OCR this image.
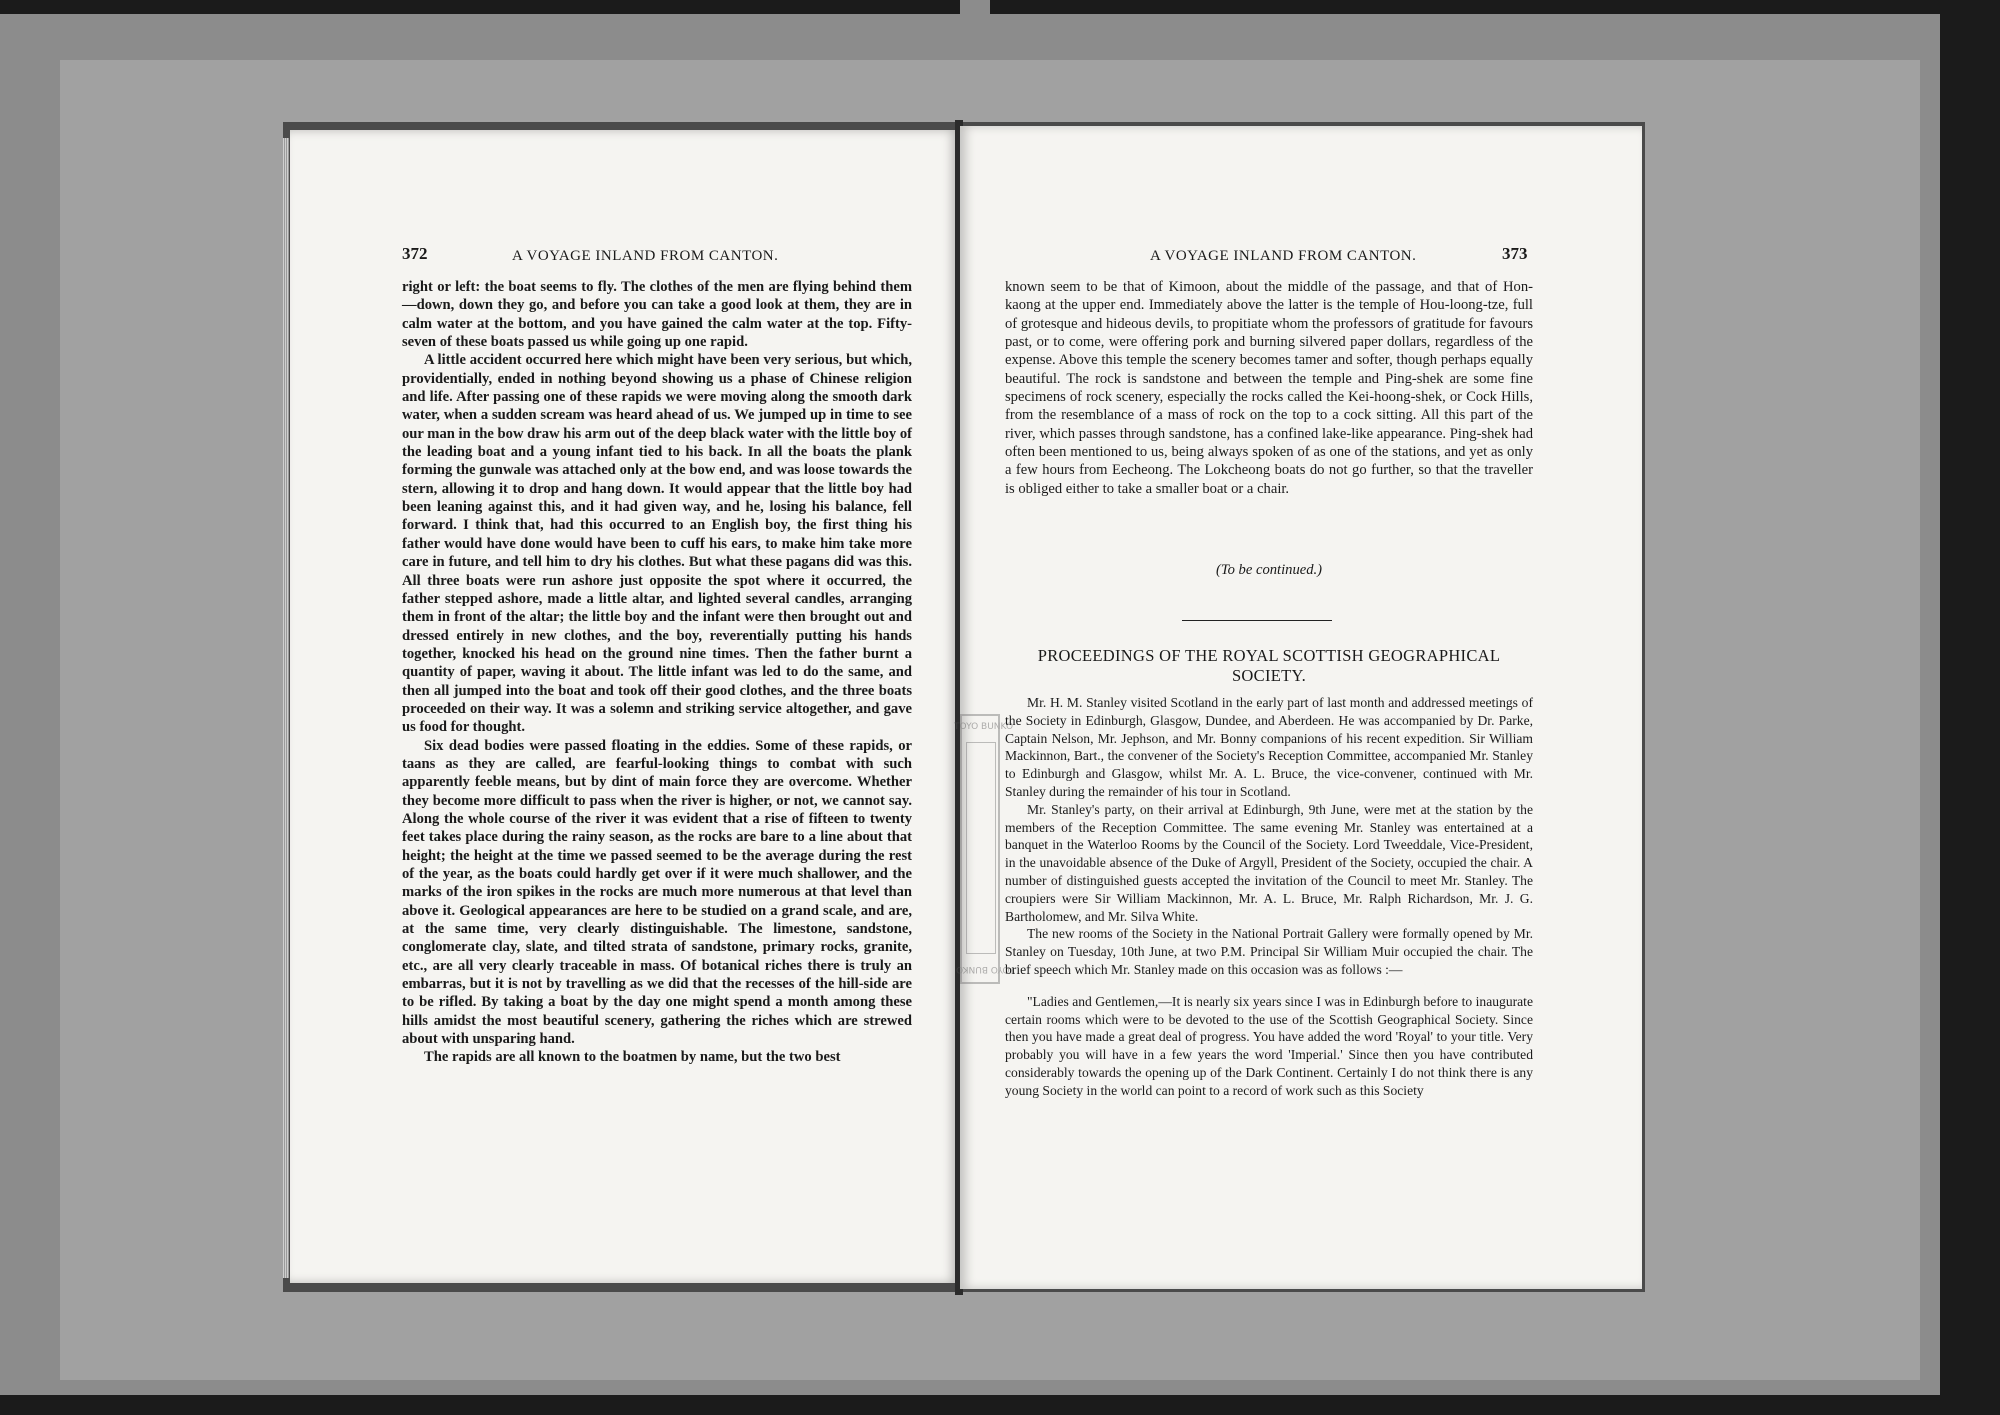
372	A VOYAGE INLAND FROM CANTON.

right or left: the boat seems to fly. The clothes of the men are flying behind them—down, down they go, and before you can take a good look at them, they are in calm water at the bottom, and you have gained the calm water at the top. Fifty-seven of these boats passed us while going up one rapid.

A little accident occurred here which might have been very serious, but which, providentially, ended in nothing beyond showing us a phase of Chinese religion and life. After passing one of these rapids we were moving along the smooth dark water, when a sudden scream was heard ahead of us. We jumped up in time to see our man in the bow draw his arm out of the deep black water with the little boy of the leading boat and a young infant tied to his back. In all the boats the plank forming the gunwale was attached only at the bow end, and was loose towards the stern, allowing it to drop and hang down. It would appear that the little boy had been leaning against this, and it had given way, and he, losing his balance, fell forward. I think that, had this occurred to an English boy, the first thing his father would have done would have been to cuff his ears, to make him take more care in future, and tell him to dry his clothes. But what these pagans did was this. All three boats were run ashore just opposite the spot where it occurred, the father stepped ashore, made a little altar, and lighted several candles, arranging them in front of the altar; the little boy and the infant were then brought out and dressed entirely in new clothes, and the boy, reverentially putting his hands together, knocked his head on the ground nine times. Then the father burnt a quantity of paper, waving it about. The little infant was led to do the same, and then all jumped into the boat and took off their good clothes, and the three boats proceeded on their way. It was a solemn and striking service altogether, and gave us food for thought.

Six dead bodies were passed floating in the eddies. Some of these rapids, or taans as they are called, are fearful-looking things to combat with such apparently feeble means, but by dint of main force they are overcome. Whether they become more difficult to pass when the river is higher, or not, we cannot say. Along the whole course of the river it was evident that a rise of fifteen to twenty feet takes place during the rainy season, as the rocks are bare to a line about that height; the height at the time we passed seemed to be the average during the rest of the year, as the boats could hardly get over if it were much shallower, and the marks of the iron spikes in the rocks are much more numerous at that level than above it. Geological appearances are here to be studied on a grand scale, and are, at the same time, very clearly distinguishable. The limestone, sandstone, conglomerate clay, slate, and tilted strata of sandstone, primary rocks, granite, etc., are all very clearly traceable in mass. Of botanical riches there is truly an embarras, but it is not by travelling as we did that the recesses of the hill-side are to be rifled. By taking a boat by the day one might spend a month among these hills amidst the most beautiful scenery, gathering the riches which are strewed about with unsparing hand.

The rapids are all known to the boatmen by name, but the two best

A VOYAGE INLAND FROM CANTON.	373

known seem to be that of Kimoon, about the middle of the passage, and that of Hon-kaong at the upper end. Immediately above the latter is the temple of Hou-loong-tze, full of grotesque and hideous devils, to propitiate whom the professors of gratitude for favours past, or to come, were offering pork and burning silvered paper dollars, regardless of the expense. Above this temple the scenery becomes tamer and softer, though perhaps equally beautiful. The rock is sandstone and between the temple and Ping-shek are some fine specimens of rock scenery, especially the rocks called the Kei-hoong-shek, or Cock Hills, from the resemblance of a mass of rock on the top to a cock sitting. All this part of the river, which passes through sandstone, has a confined lake-like appearance. Ping-shek had often been mentioned to us, being always spoken of as one of the stations, and yet as only a few hours from Eecheong. The Lokcheong boats do not go further, so that the traveller is obliged either to take a smaller boat or a chair.

(To be continued.)
PROCEEDINGS OF THE ROYAL SCOTTISH GEOGRAPHICAL SOCIETY.

Mr. H. M. Stanley visited Scotland in the early part of last month and addressed meetings of the Society in Edinburgh, Glasgow, Dundee, and Aberdeen. He was accompanied by Dr. Parke, Captain Nelson, Mr. Jephson, and Mr. Bonny companions of his recent expedition. Sir William Mackinnon, Bart., the convener of the Society's Reception Committee, accompanied Mr. Stanley to Edinburgh and Glasgow, whilst Mr. A. L. Bruce, the vice-convener, continued with Mr. Stanley during the remainder of his tour in Scotland.

Mr. Stanley's party, on their arrival at Edinburgh, 9th June, were met at the station by the members of the Reception Committee. The same evening Mr. Stanley was entertained at a banquet in the Waterloo Rooms by the Council of the Society. Lord Tweeddale, Vice-President, in the unavoidable absence of the Duke of Argyll, President of the Society, occupied the chair. A number of distinguished guests accepted the invitation of the Council to meet Mr. Stanley. The croupiers were Sir William Mackinnon, Mr. A. L. Bruce, Mr. Ralph Richardson, Mr. J. G. Bartholomew, and Mr. Silva White.

The new rooms of the Society in the National Portrait Gallery were formally opened by Mr. Stanley on Tuesday, 10th June, at two P.M. Principal Sir William Muir occupied the chair. The brief speech which Mr. Stanley made on this occasion was as follows :—

"Ladies and Gentlemen,—It is nearly six years since I was in Edinburgh before to inaugurate certain rooms which were to be devoted to the use of the Scottish Geographical Society. Since then you have made a great deal of progress. You have added the word 'Royal' to your title. Very probably you will have in a few years the word 'Imperial.' Since then you have contributed considerably towards the opening up of the Dark Continent. Certainly I do not think there is any young Society in the world can point to a record of work such as this Society

TOYO BUNKO
TOYO BUNKO
